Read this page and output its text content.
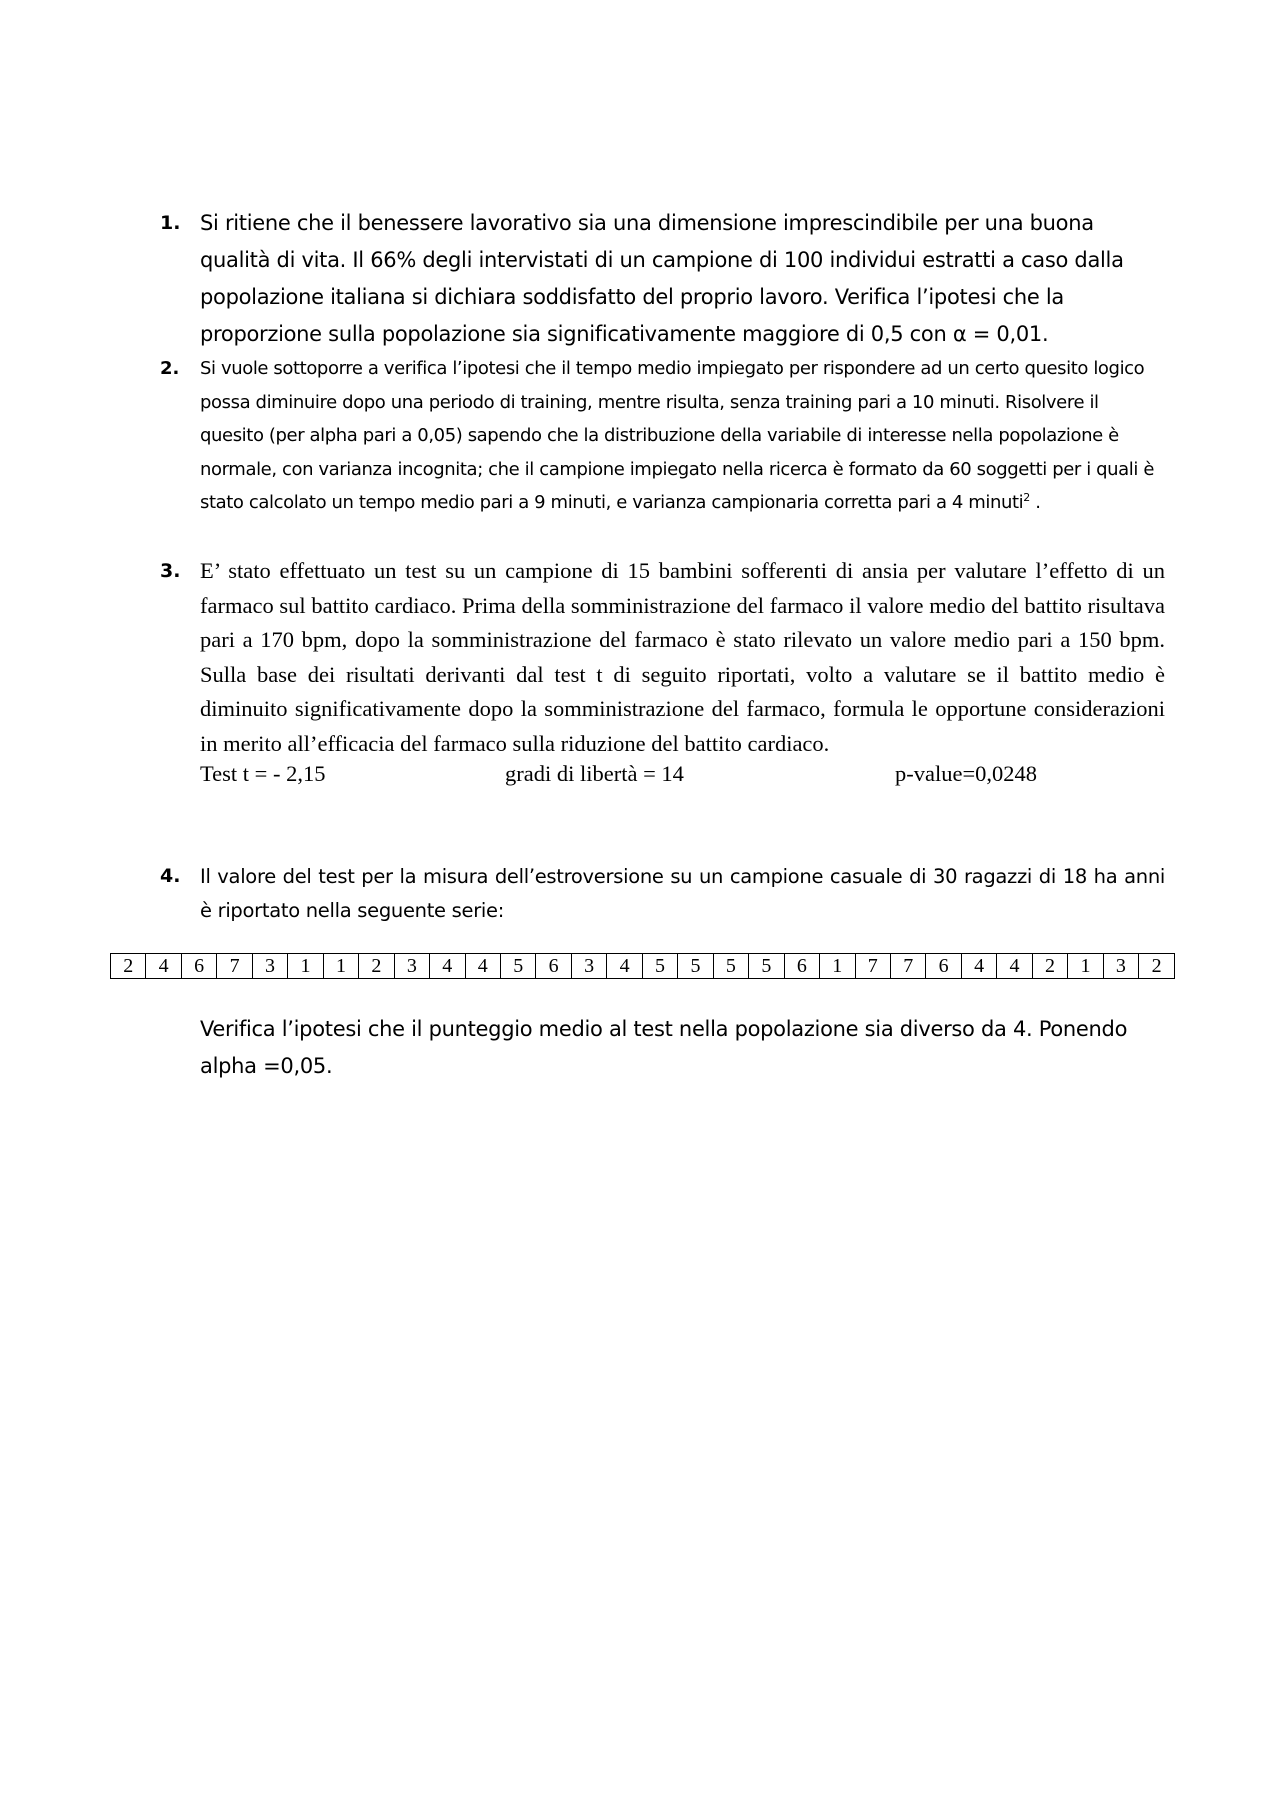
1. Si ritiene che il benessere lavorativo sia una dimensione imprescindibile per una buona qualità di vita. Il 66% degli intervistati di un campione di 100 individui estratti a caso dalla popolazione italiana si dichiara soddisfatto del proprio lavoro. Verifica l’ipotesi che la proporzione sulla popolazione sia significativamente maggiore di 0,5 con α = 0,01.
2. Si vuole sottoporre a verifica l’ipotesi che il tempo medio impiegato per rispondere ad un certo quesito logico possa diminuire dopo una periodo di training, mentre risulta, senza training pari a 10 minuti. Risolvere il quesito (per alpha pari a 0,05) sapendo che la distribuzione della variabile di interesse nella popolazione è normale, con varianza incognita; che il campione impiegato nella ricerca è formato da 60 soggetti per i quali è stato calcolato un tempo medio pari a 9 minuti, e varianza campionaria corretta pari a 4 minuti$^2$ .
3. E’ stato effettuato un test su un campione di 15 bambini sofferenti di ansia per valutare l’effetto di un farmaco sul battito cardiaco. Prima della somministrazione del farmaco il valore medio del battito risultava pari a 170 bpm, dopo la somministrazione del farmaco è stato rilevato un valore medio pari a 150 bpm. Sulla base dei risultati derivanti dal test t di seguito riportati, volto a valutare se il battito medio è diminuito significativamente dopo la somministrazione del farmaco, formula le opportune considerazioni in merito all’efficacia del farmaco sulla riduzione del battito cardiaco.
Test t = - 2,15	gradi di libertà = 14	p-value=0,0248
4. Il valore del test per la misura dell’estroversione su un campione casuale di 30 ragazzi di 18 ha anni è riportato nella seguente serie:
2	4	6	7	3	1	1	2	3	4	4	5	6	3	4	5	5	5	5	6	1	7	7	6	4	4	2	1	3	2
Verifica l’ipotesi che il punteggio medio al test nella popolazione sia diverso da 4. Ponendo alpha =0,05.
